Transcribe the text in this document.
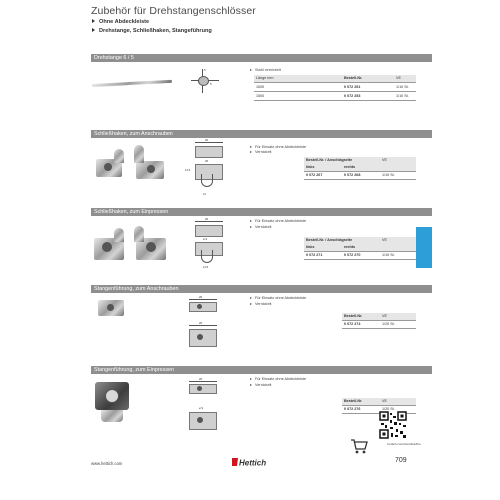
Zubehör für Drehstangenschlösser
Ohne Abdeckleiste
Drehstange, Schließhaken, Stangeführung
Drehstange 6 / 5
6
5
Stahl vernickelt
Länge mm	Bestell-Nr.	VE
1000	0 072 251	1/10 St.
1500	0 072 253	1/10 St.
Schließhaken, zum Anschrauben
26
11.5
26
11
Für Einsatz ohne Abdeckleiste
Vernickelt
Bestell-Nr. / Anschlagseite	VE
links	rechts
0 072 267	0 072 268	1/10 St.
Schließhaken, zum Einpressen
26
ø 9
11.5
Für Einsatz ohne Abdeckleiste
Vernickelt
Bestell-Nr. / Anschlagseite	VE
links	rechts
0 072 271	0 072 270	1/10 St.
Stangenführung, zum Anschrauben
26
26
Für Einsatz ohne Abdeckleiste
Vernickelt
Bestell-Nr.	VE
0 072 274	1/20 St.
Stangenführung, zum Einpressen
26
ø 9
Für Einsatz ohne Abdeckleiste
Vernickelt
Bestell-Nr.	VE
0 072 276	1/20 St.
hettich.com/shortlink/blu
www.hettich.com	Hettich	709
